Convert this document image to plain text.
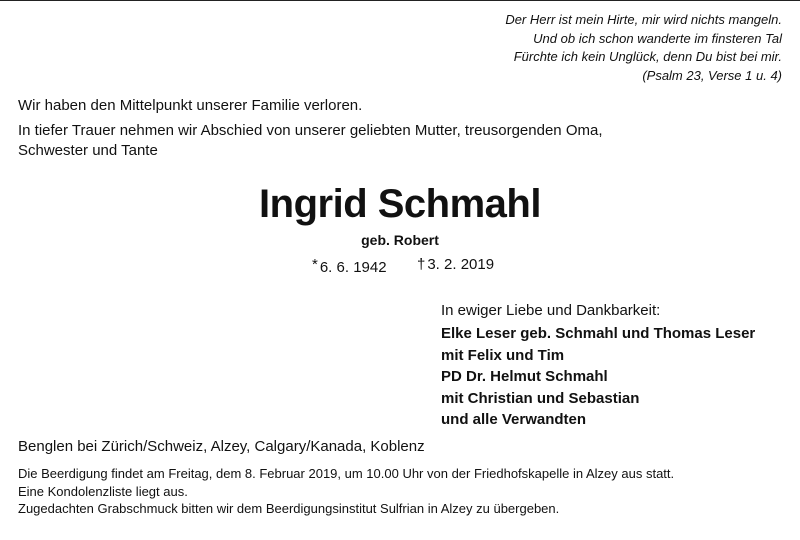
Der Herr ist mein Hirte, mir wird nichts mangeln.
Und ob ich schon wanderte im finsteren Tal
Fürchte ich kein Unglück, denn Du bist bei mir.
(Psalm 23, Verse 1 u. 4)
Wir haben den Mittelpunkt unserer Familie verloren.
In tiefer Trauer nehmen wir Abschied von unserer geliebten Mutter, treusorgenden Oma,
Schwester und Tante
Ingrid Schmahl
geb. Robert
* 6. 6. 1942 † 3. 2. 2019
In ewiger Liebe und Dankbarkeit:
Elke Leser geb. Schmahl und Thomas Leser
mit Felix und Tim
PD Dr. Helmut Schmahl
mit Christian und Sebastian
und alle Verwandten
Benglen bei Zürich/Schweiz, Alzey, Calgary/Kanada, Koblenz
Die Beerdigung findet am Freitag, dem 8. Februar 2019, um 10.00 Uhr von der Friedhofskapelle in Alzey aus statt.
Eine Kondolenzliste liegt aus.
Zugedachten Grabschmuck bitten wir dem Beerdigungsinstitut Sulfrian in Alzey zu übergeben.
